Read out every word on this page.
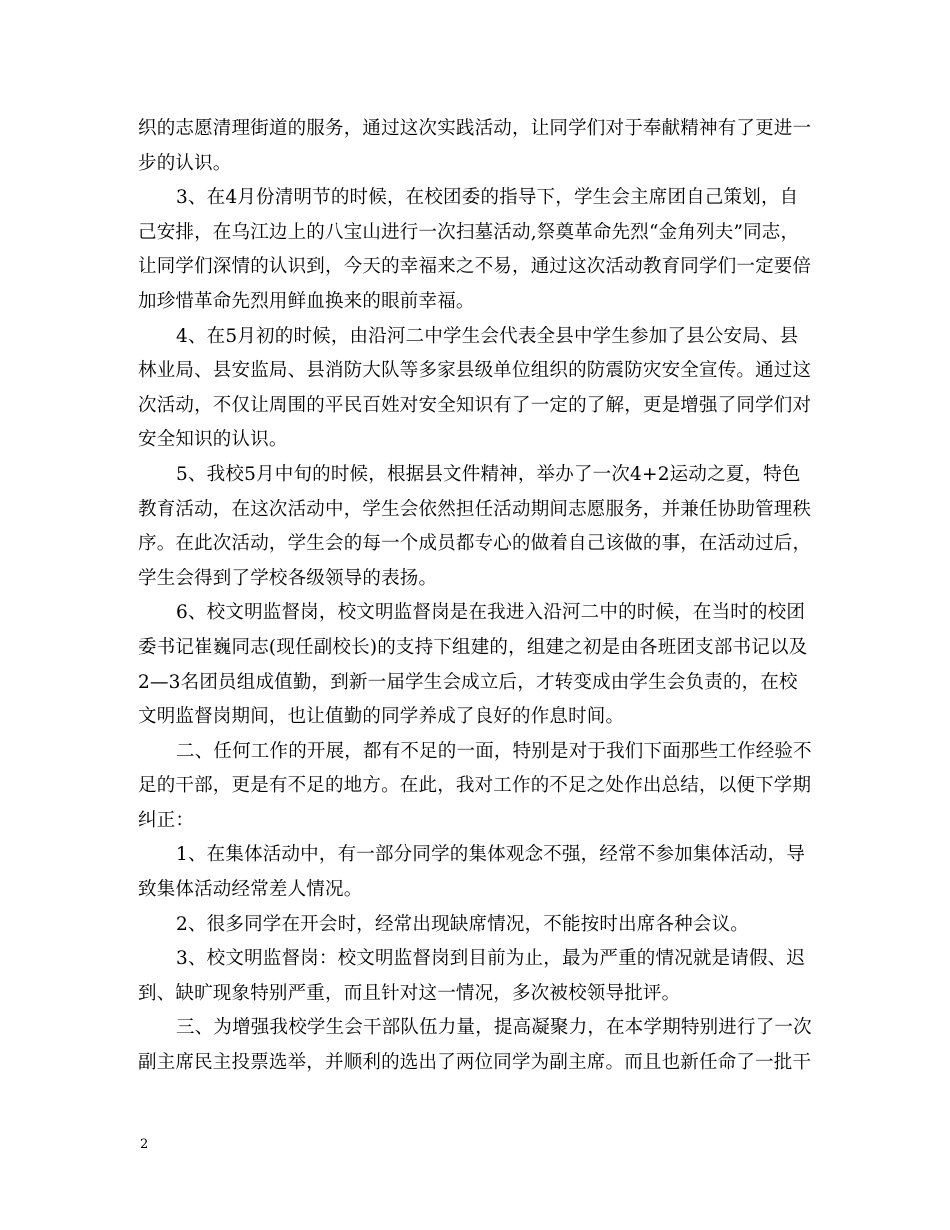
织的志愿清理街道的服务，通过这次实践活动，让同学们对于奉献精神有了更进一
步的认识。

3、在4月份清明节的时候，在校团委的指导下，学生会主席团自己策划，自
己安排，在乌江边上的八宝山进行一次扫墓活动,祭奠革命先烈“金角列夫”同志，
让同学们深情的认识到，今天的幸福来之不易，通过这次活动教育同学们一定要倍
加珍惜革命先烈用鲜血换来的眼前幸福。

4、在5月初的时候，由沿河二中学生会代表全县中学生参加了县公安局、县
林业局、县安监局、县消防大队等多家县级单位组织的防震防灾安全宣传。通过这
次活动，不仅让周围的平民百姓对安全知识有了一定的了解，更是增强了同学们对
安全知识的认识。

5、我校5月中旬的时候，根据县文件精神，举办了一次4+2运动之夏，特色
教育活动，在这次活动中，学生会依然担任活动期间志愿服务，并兼任协助管理秩
序。在此次活动，学生会的每一个成员都专心的做着自己该做的事，在活动过后，
学生会得到了学校各级领导的表扬。

6、校文明监督岗，校文明监督岗是在我进入沿河二中的时候，在当时的校团
委书记崔巍同志(现任副校长)的支持下组建的，组建之初是由各班团支部书记以及
2—3名团员组成值勤，到新一届学生会成立后，才转变成由学生会负责的，在校
文明监督岗期间，也让值勤的同学养成了良好的作息时间。

二、任何工作的开展，都有不足的一面，特别是对于我们下面那些工作经验不
足的干部，更是有不足的地方。在此，我对工作的不足之处作出总结，以便下学期
纠正：

1、在集体活动中，有一部分同学的集体观念不强，经常不参加集体活动，导
致集体活动经常差人情况。

2、很多同学在开会时，经常出现缺席情况，不能按时出席各种会议。

3、校文明监督岗：校文明监督岗到目前为止，最为严重的情况就是请假、迟
到、缺旷现象特别严重，而且针对这一情况，多次被校领导批评。

三、为增强我校学生会干部队伍力量，提高凝聚力，在本学期特别进行了一次
副主席民主投票选举，并顺利的选出了两位同学为副主席。而且也新任命了一批干

2
